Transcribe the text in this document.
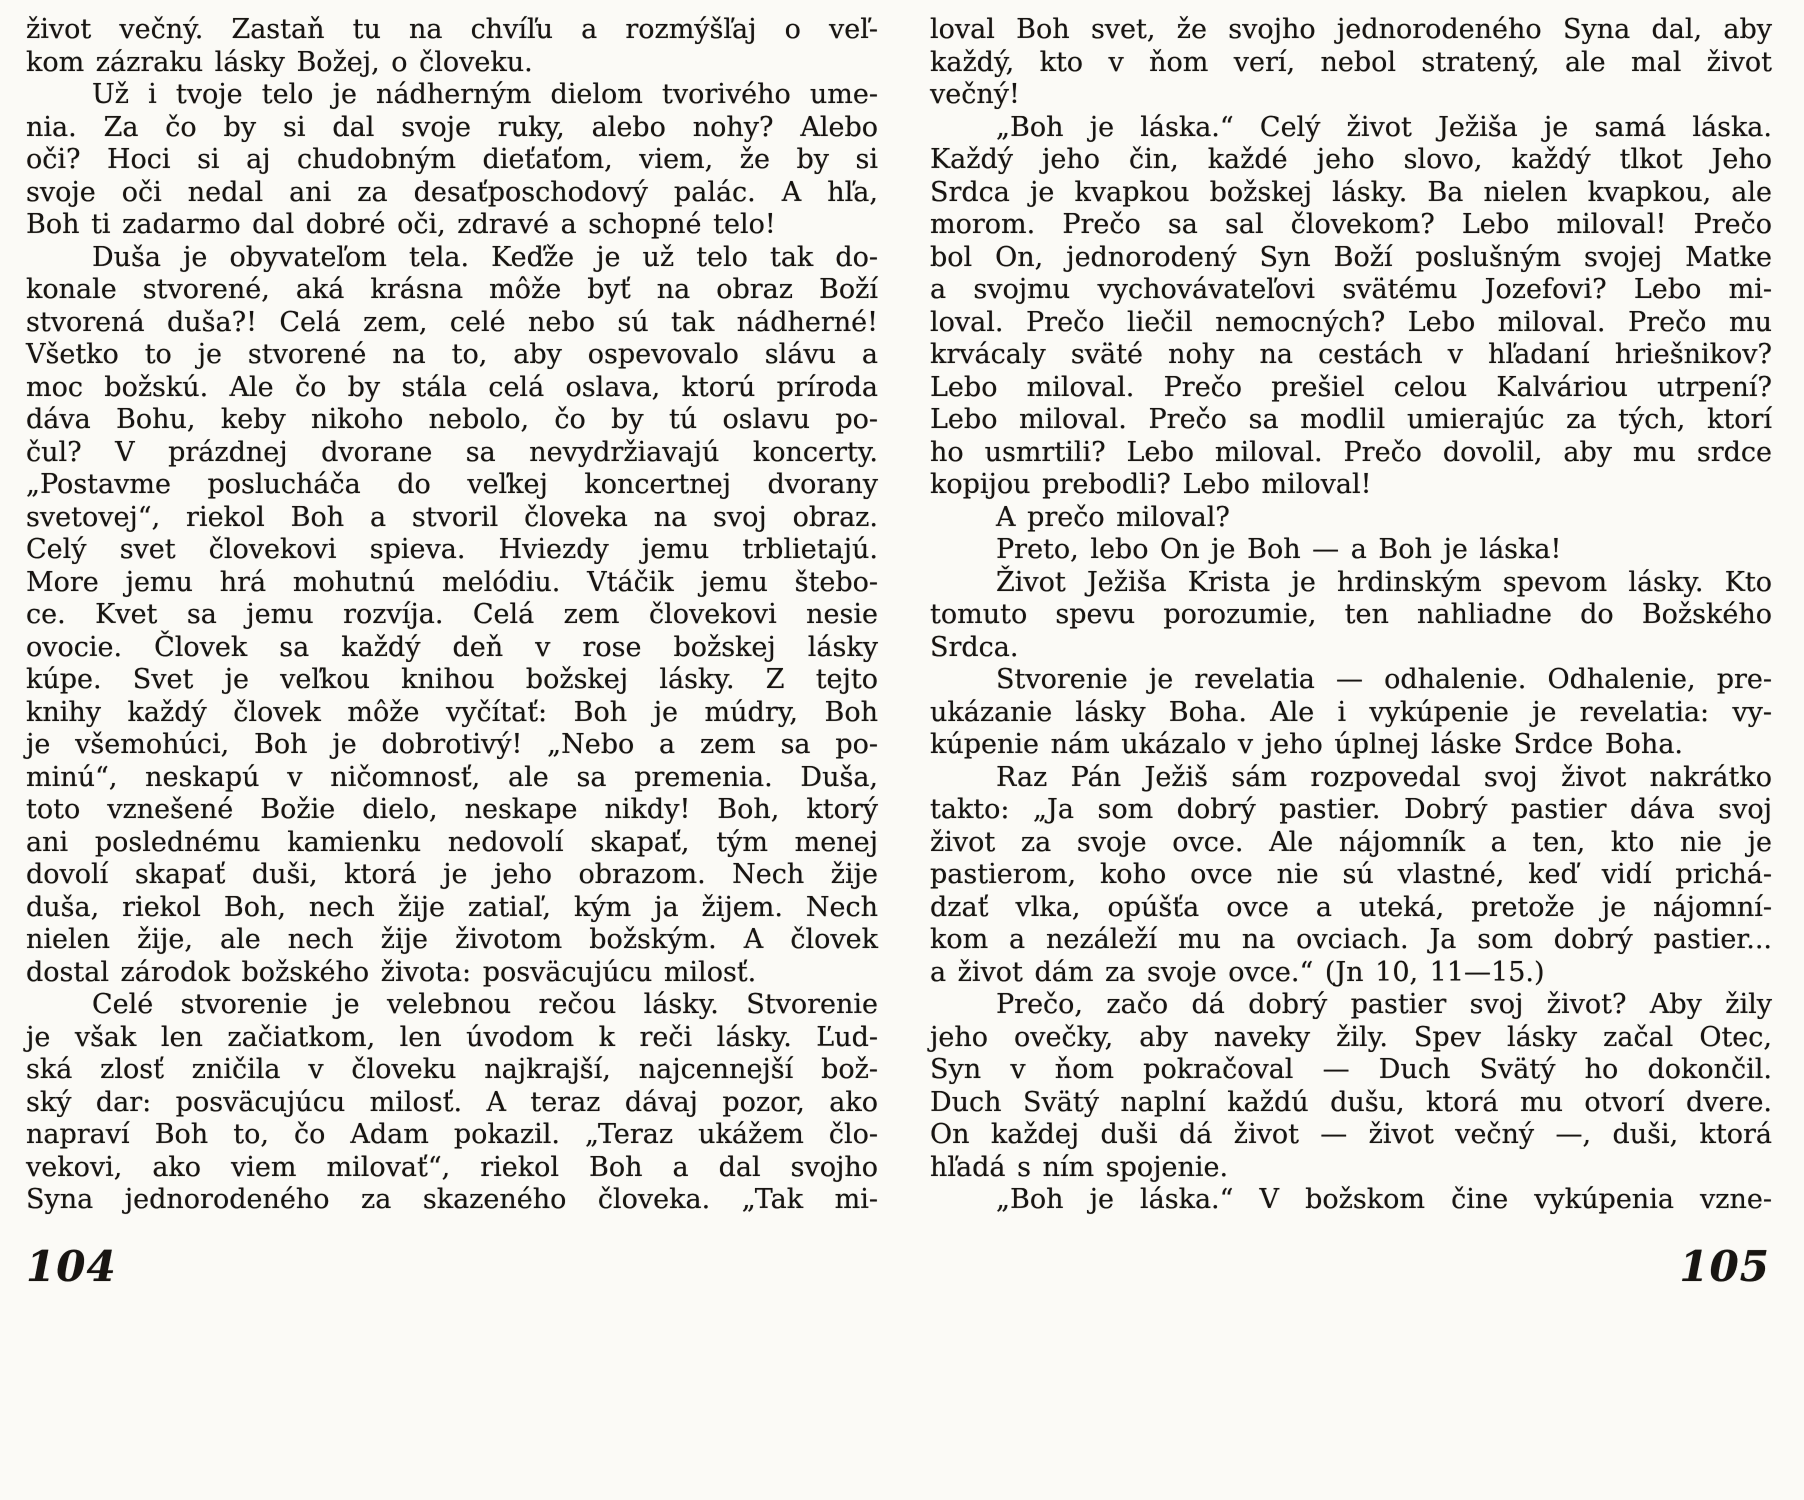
život večný. Zastaň tu na chvíľu a rozmýšľaj o veľ-
kom zázraku lásky Božej, o človeku.
Už i tvoje telo je nádherným dielom tvorivého ume-
nia. Za čo by si dal svoje ruky, alebo nohy? Alebo
oči? Hoci si aj chudobným dieťaťom, viem, že by si
svoje oči nedal ani za desaťposchodový palác. A hľa,
Boh ti zadarmo dal dobré oči, zdravé a schopné telo!
Duša je obyvateľom tela. Keďže je už telo tak do-
konale stvorené, aká krásna môže byť na obraz Boží
stvorená duša?! Celá zem, celé nebo sú tak nádherné!
Všetko to je stvorené na to, aby ospevovalo slávu a
moc božskú. Ale čo by stála celá oslava, ktorú príroda
dáva Bohu, keby nikoho nebolo, čo by tú oslavu po-
čul? V prázdnej dvorane sa nevydržiavajú koncerty.
„Postavme poslucháča do veľkej koncertnej dvorany
svetovej“, riekol Boh a stvoril človeka na svoj obraz.
Celý svet človekovi spieva. Hviezdy jemu trblietajú.
More jemu hrá mohutnú melódiu. Vtáčik jemu štebo-
ce. Kvet sa jemu rozvíja. Celá zem človekovi nesie
ovocie. Človek sa každý deň v rose božskej lásky
kúpe. Svet je veľkou knihou božskej lásky. Z tejto
knihy každý človek môže vyčítať: Boh je múdry, Boh
je všemohúci, Boh je dobrotivý! „Nebo a zem sa po-
minú“, neskapú v ničomnosť, ale sa premenia. Duša,
toto vznešené Božie dielo, neskape nikdy! Boh, ktorý
ani poslednému kamienku nedovolí skapať, tým menej
dovolí skapať duši, ktorá je jeho obrazom. Nech žije
duša, riekol Boh, nech žije zatiaľ, kým ja žijem. Nech
nielen žije, ale nech žije životom božským. A človek
dostal zárodok božského života: posväcujúcu milosť.
Celé stvorenie je velebnou rečou lásky. Stvorenie
je však len začiatkom, len úvodom k reči lásky. Ľud-
ská zlosť zničila v človeku najkrajší, najcennejší bož-
ský dar: posväcujúcu milosť. A teraz dávaj pozor, ako
napraví Boh to, čo Adam pokazil. „Teraz ukážem člo-
vekovi, ako viem milovať“, riekol Boh a dal svojho
Syna jednorodeného za skazeného človeka. „Tak mi-
loval Boh svet, že svojho jednorodeného Syna dal, aby
každý, kto v ňom verí, nebol stratený, ale mal život
večný!
„Boh je láska.“ Celý život Ježiša je samá láska.
Každý jeho čin, každé jeho slovo, každý tlkot Jeho
Srdca je kvapkou božskej lásky. Ba nielen kvapkou, ale
morom. Prečo sa sal človekom? Lebo miloval! Prečo
bol On, jednorodený Syn Boží poslušným svojej Matke
a svojmu vychovávateľovi svätému Jozefovi? Lebo mi-
loval. Prečo liečil nemocných? Lebo miloval. Prečo mu
krvácaly sväté nohy na cestách v hľadaní hriešnikov?
Lebo miloval. Prečo prešiel celou Kalváriou utrpení?
Lebo miloval. Prečo sa modlil umierajúc za tých, ktorí
ho usmrtili? Lebo miloval. Prečo dovolil, aby mu srdce
kopijou prebodli? Lebo miloval!
A prečo miloval?
Preto, lebo On je Boh — a Boh je láska!
Život Ježiša Krista je hrdinským spevom lásky. Kto
tomuto spevu porozumie, ten nahliadne do Božského
Srdca.
Stvorenie je revelatia — odhalenie. Odhalenie, pre-
ukázanie lásky Boha. Ale i vykúpenie je revelatia: vy-
kúpenie nám ukázalo v jeho úplnej láske Srdce Boha.
Raz Pán Ježiš sám rozpovedal svoj život nakrátko
takto: „Ja som dobrý pastier. Dobrý pastier dáva svoj
život za svoje ovce. Ale nájomník a ten, kto nie je
pastierom, koho ovce nie sú vlastné, keď vidí prichá-
dzať vlka, opúšťa ovce a uteká, pretože je nájomní-
kom a nezáleží mu na ovciach. Ja som dobrý pastier...
a život dám za svoje ovce.“ (Jn 10, 11—15.)
Prečo, začo dá dobrý pastier svoj život? Aby žily
jeho ovečky, aby naveky žily. Spev lásky začal Otec,
Syn v ňom pokračoval — Duch Svätý ho dokončil.
Duch Svätý naplní každú dušu, ktorá mu otvorí dvere.
On každej duši dá život — život večný —, duši, ktorá
hľadá s ním spojenie.
„Boh je láska.“ V božskom čine vykúpenia vzne-
104	105
